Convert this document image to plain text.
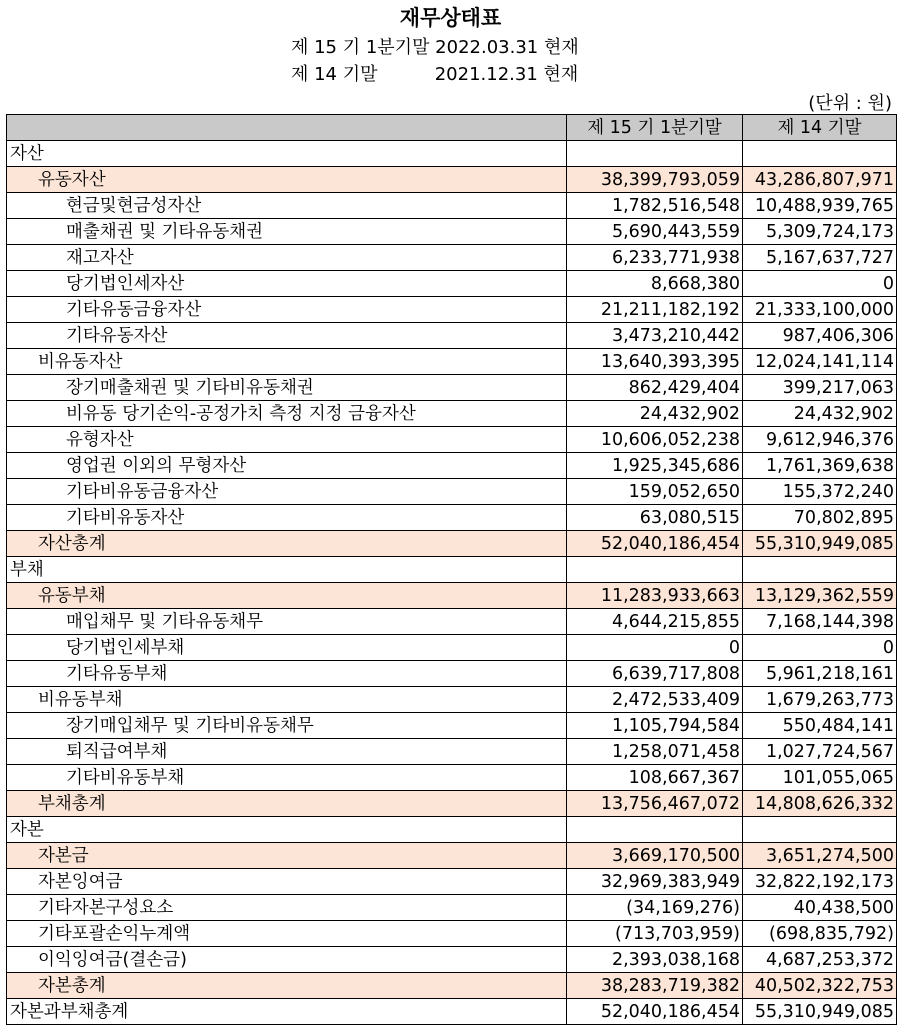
재무상태표
제 15 기 1분기말 2022.03.31 현재
제 14 기말          2021.12.31 현재
(단위 : 원)
	제 15 기 1분기말	제 14 기말
자산		
유동자산	38,399,793,059	43,286,807,971
현금및현금성자산	1,782,516,548	10,488,939,765
매출채권 및 기타유동채권	5,690,443,559	5,309,724,173
재고자산	6,233,771,938	5,167,637,727
당기법인세자산	8,668,380	0
기타유동금융자산	21,211,182,192	21,333,100,000
기타유동자산	3,473,210,442	987,406,306
비유동자산	13,640,393,395	12,024,141,114
장기매출채권 및 기타비유동채권	862,429,404	399,217,063
비유동 당기손익-공정가치 측정 지정 금융자산	24,432,902	24,432,902
유형자산	10,606,052,238	9,612,946,376
영업권 이외의 무형자산	1,925,345,686	1,761,369,638
기타비유동금융자산	159,052,650	155,372,240
기타비유동자산	63,080,515	70,802,895
자산총계	52,040,186,454	55,310,949,085
부채		
유동부채	11,283,933,663	13,129,362,559
매입채무 및 기타유동채무	4,644,215,855	7,168,144,398
당기법인세부채	0	0
기타유동부채	6,639,717,808	5,961,218,161
비유동부채	2,472,533,409	1,679,263,773
장기매입채무 및 기타비유동채무	1,105,794,584	550,484,141
퇴직급여부채	1,258,071,458	1,027,724,567
기타비유동부채	108,667,367	101,055,065
부채총계	13,756,467,072	14,808,626,332
자본		
자본금	3,669,170,500	3,651,274,500
자본잉여금	32,969,383,949	32,822,192,173
기타자본구성요소	(34,169,276)	40,438,500
기타포괄손익누계액	(713,703,959)	(698,835,792)
이익잉여금(결손금)	2,393,038,168	4,687,253,372
자본총계	38,283,719,382	40,502,322,753
자본과부채총계	52,040,186,454	55,310,949,085
